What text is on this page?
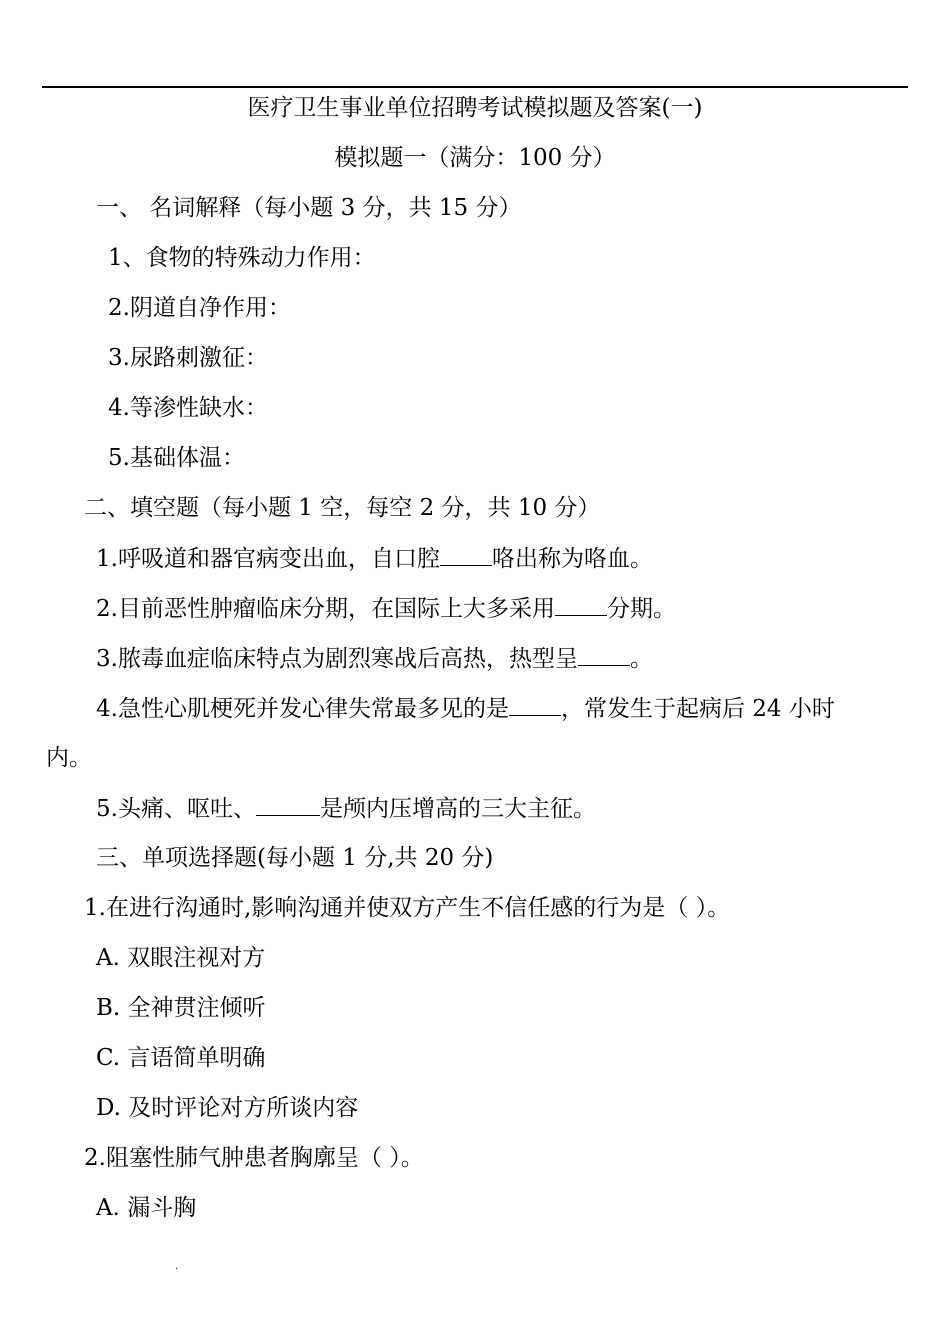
医疗卫生事业单位招聘考试模拟题及答案(一)
模拟题一（满分：100 分）
一、 名词解释（每小题 3 分，共 15 分）
1、食物的特殊动力作用：
2.阴道自净作用：
3.尿路刺激征：
4.等渗性缺水：
5.基础体温：
二、填空题（每小题 1 空，每空 2 分，共 10 分）
1.呼吸道和器官病变出血，自口腔 咯出称为咯血。
2.目前恶性肿瘤临床分期，在国际上大多采用 分期。
3.脓毒血症临床特点为剧烈寒战后高热，热型呈 。
4.急性心肌梗死并发心律失常最多见的是 ，常发生于起病后 24 小时
内。
5.头痛、呕吐、	是颅内压增高的三大主征。
三、单项选择题(每小题 1 分,共 20 分)
1.在进行沟通时,影响沟通并使双方产生不信任感的行为是（ ）。
A. 双眼注视对方
B. 全神贯注倾听
C. 言语简单明确
D. 及时评论对方所谈内容
2.阻塞性肺气肿患者胸廓呈（ ）。
A. 漏斗胸
.
